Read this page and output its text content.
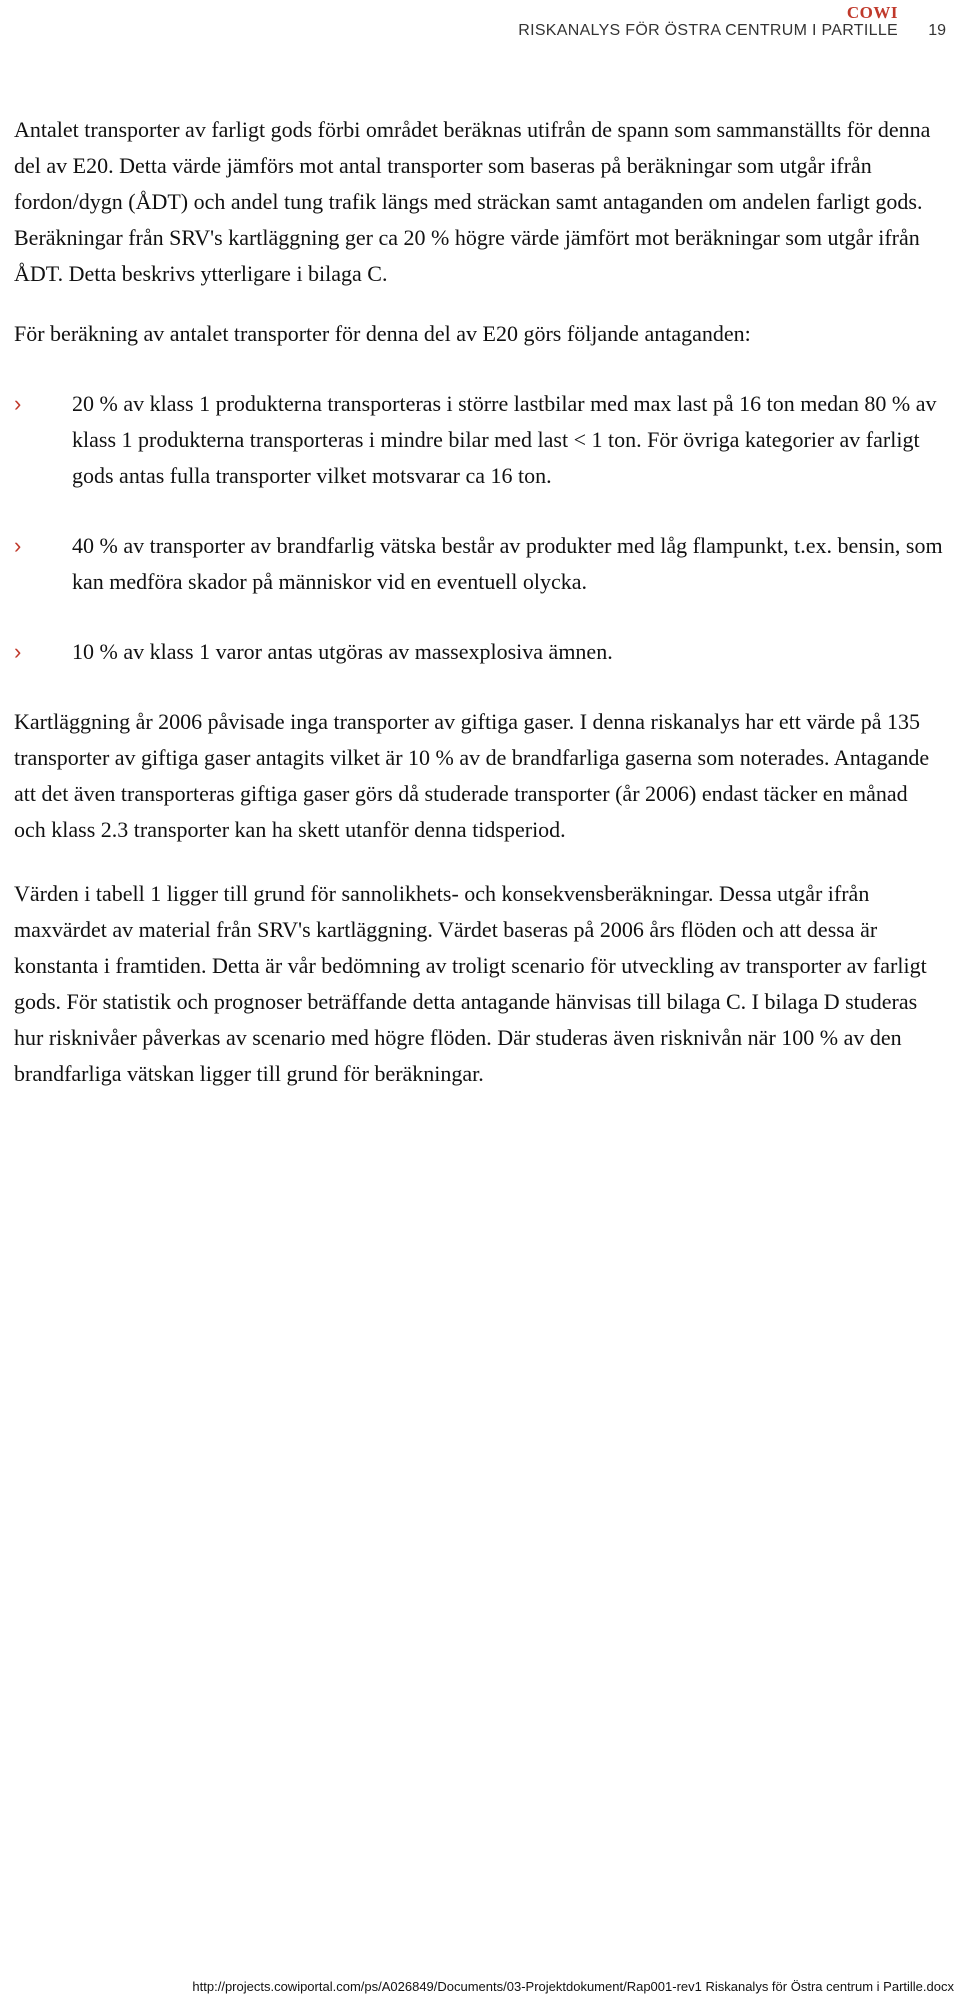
COWI
RISKANALYS FÖR ÖSTRA CENTRUM I PARTILLE 19

Antalet transporter av farligt gods förbi området beräknas utifrån de spann som sammanställts för denna del av E20. Detta värde jämförs mot antal transporter som baseras på beräkningar som utgår ifrån fordon/dygn (ÅDT) och andel tung trafik längs med sträckan samt antaganden om andelen farligt gods. Beräkningar från SRV's kartläggning ger ca 20 % högre värde jämfört mot beräkningar som utgår ifrån ÅDT. Detta beskrivs ytterligare i bilaga C.

För beräkning av antalet transporter för denna del av E20 görs följande antaganden:

› 20 % av klass 1 produkterna transporteras i större lastbilar med max last på 16 ton medan 80 % av klass 1 produkterna transporteras i mindre bilar med last < 1 ton. För övriga kategorier av farligt gods antas fulla transporter vilket motsvarar ca 16 ton.
› 40 % av transporter av brandfarlig vätska består av produkter med låg flampunkt, t.ex. bensin, som kan medföra skador på människor vid en eventuell olycka.
› 10 % av klass 1 varor antas utgöras av massexplosiva ämnen.

Kartläggning år 2006 påvisade inga transporter av giftiga gaser. I denna riskanalys har ett värde på 135 transporter av giftiga gaser antagits vilket är 10 % av de brandfarliga gaserna som noterades. Antagande att det även transporteras giftiga gaser görs då studerade transporter (år 2006) endast täcker en månad och klass 2.3 transporter kan ha skett utanför denna tidsperiod.

Värden i tabell 1 ligger till grund för sannolikhets- och konsekvensberäkningar. Dessa utgår ifrån maxvärdet av material från SRV's kartläggning. Värdet baseras på 2006 års flöden och att dessa är konstanta i framtiden. Detta är vår bedömning av troligt scenario för utveckling av transporter av farligt gods. För statistik och prognoser beträffande detta antagande hänvisas till bilaga C. I bilaga D studeras hur risknivåer påverkas av scenario med högre flöden. Där studeras även risknivån när 100 % av den brandfarliga vätskan ligger till grund för beräkningar.

http://projects.cowiportal.com/ps/A026849/Documents/03-Projektdokument/Rap001-rev1 Riskanalys för Östra centrum i Partille.docx
